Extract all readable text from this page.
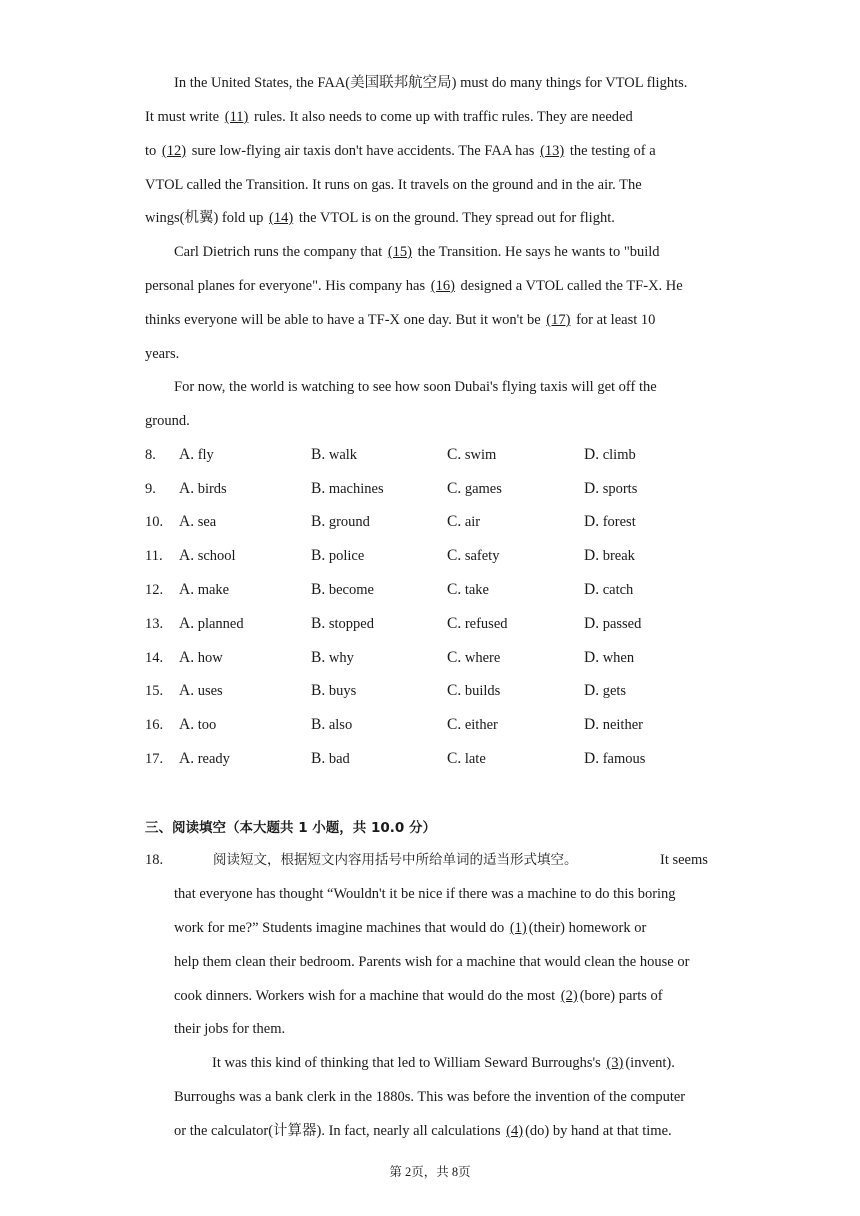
In the United States, the FAA(美国联邦航空局) must do many things for VTOL flights.
It must write (11) rules. It also needs to come up with traffic rules. They are needed
to (12) sure low-flying air taxis don't have accidents. The FAA has (13) the testing of a
VTOL called the Transition. It runs on gas. It travels on the ground and in the air. The
wings(机翼) fold up (14) the VTOL is on the ground. They spread out for flight.
Carl Dietrich runs the company that (15) the Transition. He says he wants to "build
personal planes for everyone". His company has (16) designed a VTOL called the TF-X. He
thinks everyone will be able to have a TF-X one day. But it won't be (17) for at least 10
years.
For now, the world is watching to see how soon Dubai's flying taxis will get off the
ground.
8. A. fly	B. walk	C. swim	D. climb
9. A. birds	B. machines	C. games	D. sports
10. A. sea	B. ground	C. air	D. forest
11. A. school	B. police	C. safety	D. break
12. A. make	B. become	C. take	D. catch
13. A. planned	B. stopped	C. refused	D. passed
14. A. how	B. why	C. where	D. when
15. A. uses	B. buys	C. builds	D. gets
16. A. too	B. also	C. either	D. neither
17. A. ready	B. bad	C. late	D. famous
三、阅读填空（本大题共 1 小题，共 10.0 分）
18.	阅读短文，根据短文内容用括号中所给单词的适当形式填空。	It seems
that everyone has thought “Wouldn't it be nice if there was a machine to do this boring
work for me?” Students imagine machines that would do (1) (their) homework or
help them clean their bedroom. Parents wish for a machine that would clean the house or
cook dinners. Workers wish for a machine that would do the most (2) (bore) parts of
their jobs for them.
It was this kind of thinking that led to William Seward Burroughs's (3) (invent).
Burroughs was a bank clerk in the 1880s. This was before the invention of the computer
or the calculator(计算器). In fact, nearly all calculations (4) (do) by hand at that time.
第 2页，共 8页
